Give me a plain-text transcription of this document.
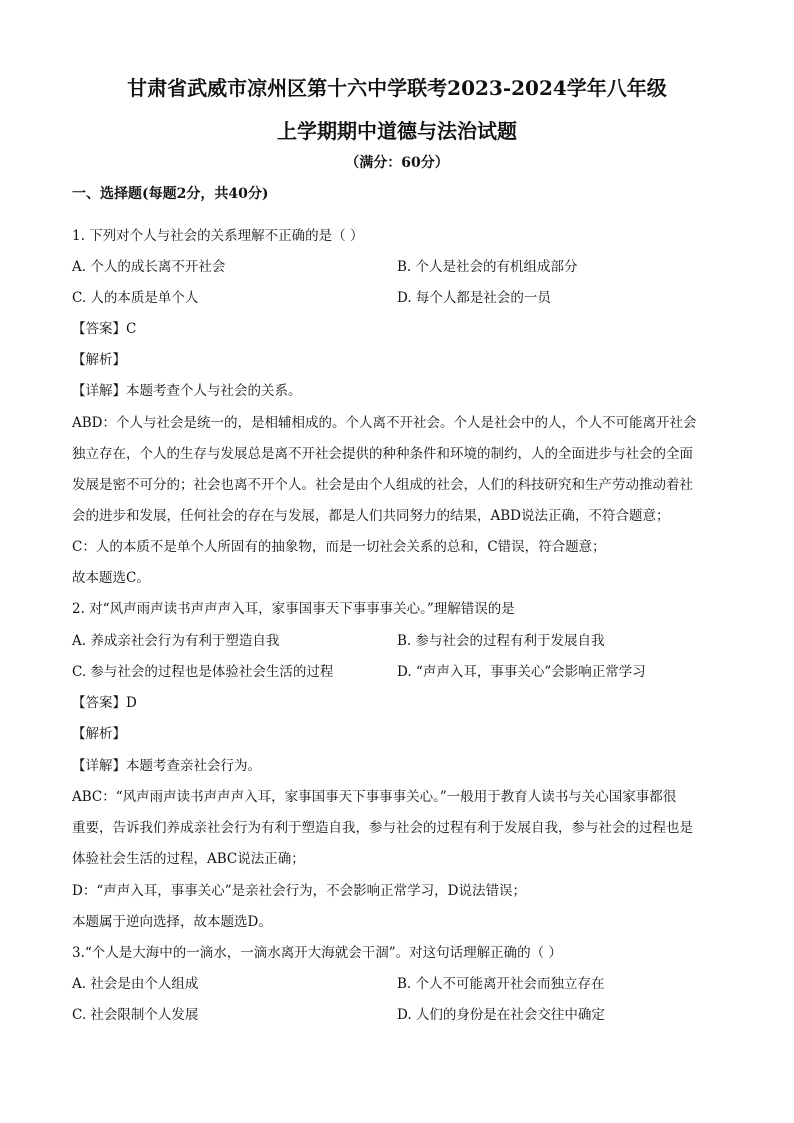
甘肃省武威市凉州区第十六中学联考2023-2024学年八年级
上学期期中道德与法治试题
（满分：60分）
一、选择题(每题2分，共40分)
1. 下列对个人与社会的关系理解不正确的是（ ）
A. 个人的成长离不开社会	B. 个人是社会的有机组成部分
C. 人的本质是单个人	D. 每个人都是社会的一员
【答案】C
【解析】
【详解】本题考查个人与社会的关系。
ABD：个人与社会是统一的，是相辅相成的。个人离不开社会。个人是社会中的人，个人不可能离开社会
独立存在，个人的生存与发展总是离不开社会提供的种种条件和环境的制约，人的全面进步与社会的全面
发展是密不可分的；社会也离不开个人。社会是由个人组成的社会，人们的科技研究和生产劳动推动着社
会的进步和发展，任何社会的存在与发展，都是人们共同努力的结果，ABD说法正确，不符合题意；
C：人的本质不是单个人所固有的抽象物，而是一切社会关系的总和，C错误，符合题意；
故本题选C。
2. 对“风声雨声读书声声声入耳，家事国事天下事事事关心。”理解错误的是
A. 养成亲社会行为有利于塑造自我	B. 参与社会的过程有利于发展自我
C. 参与社会的过程也是体验社会生活的过程	D. “声声入耳，事事关心”会影响正常学习
【答案】D
【解析】
【详解】本题考查亲社会行为。
ABC：“风声雨声读书声声声入耳，家事国事天下事事事关心。”一般用于教育人读书与关心国家事都很
重要，告诉我们养成亲社会行为有利于塑造自我，参与社会的过程有利于发展自我，参与社会的过程也是
体验社会生活的过程，ABC说法正确；
D：“声声入耳，事事关心”是亲社会行为，不会影响正常学习，D说法错误；
本题属于逆向选择，故本题选D。
3.“个人是大海中的一滴水，一滴水离开大海就会干涸”。对这句话理解正确的（ ）
A. 社会是由个人组成	B. 个人不可能离开社会而独立存在
C. 社会限制个人发展	D. 人们的身份是在社会交往中确定
